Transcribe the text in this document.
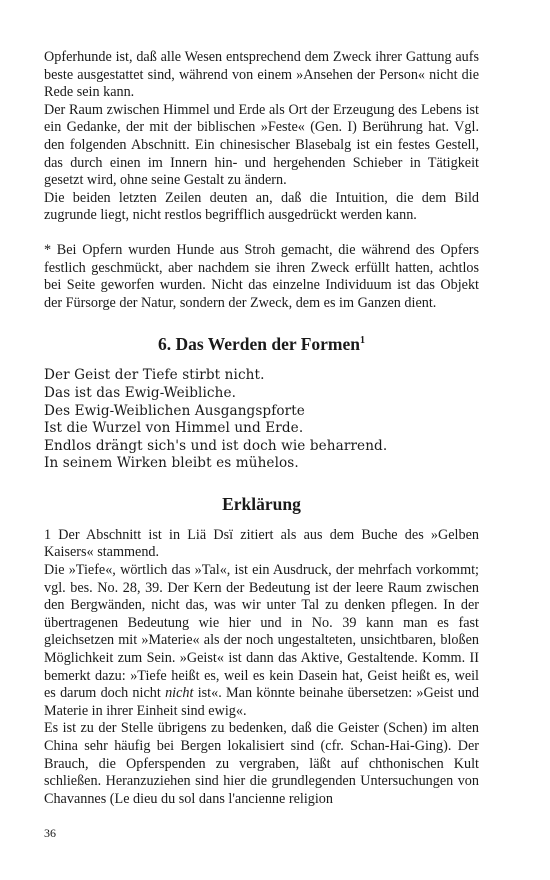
Opferhunde ist, daß alle Wesen entsprechend dem Zweck ihrer Gattung aufs beste ausgestattet sind, während von einem »Ansehen der Person« nicht die Rede sein kann.

Der Raum zwischen Himmel und Erde als Ort der Erzeugung des Lebens ist ein Gedanke, der mit der biblischen »Feste« (Gen. I) Berührung hat. Vgl. den folgenden Abschnitt. Ein chinesischer Blasebalg ist ein festes Gestell, das durch einen im Innern hin- und hergehenden Schieber in Tätigkeit gesetzt wird, ohne seine Gestalt zu ändern.

Die beiden letzten Zeilen deuten an, daß die Intuition, die dem Bild zugrunde liegt, nicht restlos begrifflich ausgedrückt werden kann.

* Bei Opfern wurden Hunde aus Stroh gemacht, die während des Opfers festlich geschmückt, aber nachdem sie ihren Zweck erfüllt hatten, achtlos bei Seite geworfen wurden. Nicht das einzelne Individuum ist das Objekt der Fürsorge der Natur, sondern der Zweck, dem es im Ganzen dient.

6. Das Werden der Formen$^1$
Der Geist der Tiefe stirbt nicht.
Das ist das Ewig-Weibliche.
Des Ewig-Weiblichen Ausgangspforte
Ist die Wurzel von Himmel und Erde.
Endlos drängt sich's und ist doch wie beharrend.
In seinem Wirken bleibt es mühelos.
Erklärung

1 Der Abschnitt ist in Liä Dsï zitiert als aus dem Buche des »Gelben Kaisers« stammend.

Die »Tiefe«, wörtlich das »Tal«, ist ein Ausdruck, der mehrfach vorkommt; vgl. bes. No. 28, 39. Der Kern der Bedeutung ist der leere Raum zwischen den Bergwänden, nicht das, was wir unter Tal zu denken pflegen. In der übertragenen Bedeutung wie hier und in No. 39 kann man es fast gleichsetzen mit »Materie« als der noch ungestalteten, unsichtbaren, bloßen Möglichkeit zum Sein. »Geist« ist dann das Aktive, Gestaltende. Komm. II bemerkt dazu: »Tiefe heißt es, weil es kein Dasein hat, Geist heißt es, weil es darum doch nicht nicht ist«. Man könnte beinahe übersetzen: »Geist und Materie in ihrer Einheit sind ewig«.

Es ist zu der Stelle übrigens zu bedenken, daß die Geister (Schen) im alten China sehr häufig bei Bergen lokalisiert sind (cfr. Schan-Hai-Ging). Der Brauch, die Opferspenden zu vergraben, läßt auf chthonischen Kult schließen. Heranzuziehen sind hier die grundlegenden Untersuchungen von Chavannes (Le dieu du sol dans l'ancienne religion

36
